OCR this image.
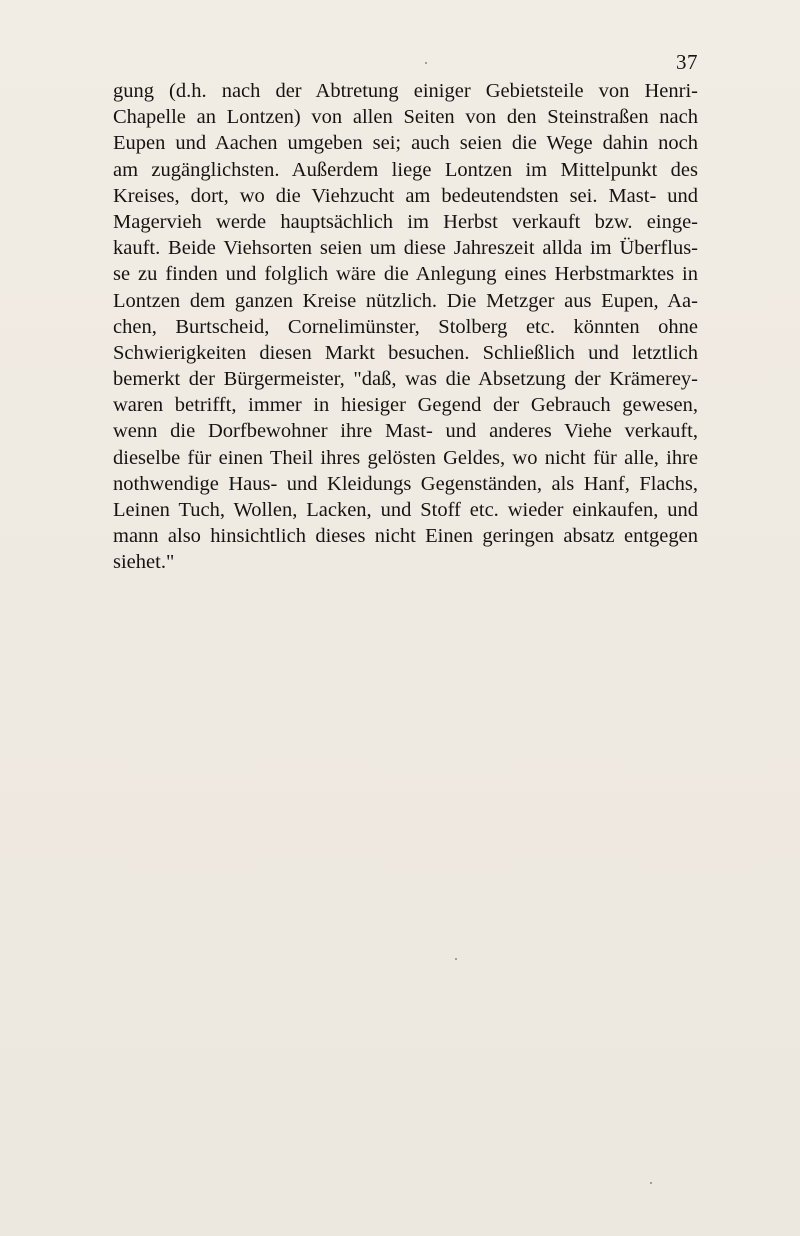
37
gung (d.h. nach der Abtretung einiger Gebietsteile von Henri-
Chapelle an Lontzen) von allen Seiten von den Steinstraßen nach
Eupen und Aachen umgeben sei; auch seien die Wege dahin noch
am zugänglichsten. Außerdem liege Lontzen im Mittelpunkt des
Kreises, dort, wo die Viehzucht am bedeutendsten sei. Mast- und
Magervieh werde hauptsächlich im Herbst verkauft bzw. einge-
kauft. Beide Viehsorten seien um diese Jahreszeit allda im Überflus-
se zu finden und folglich wäre die Anlegung eines Herbstmarktes in
Lontzen dem ganzen Kreise nützlich. Die Metzger aus Eupen, Aa-
chen, Burtscheid, Cornelimünster, Stolberg etc. könnten ohne
Schwierigkeiten diesen Markt besuchen. Schließlich und letztlich
bemerkt der Bürgermeister, "daß, was die Absetzung der Krämerey-
waren betrifft, immer in hiesiger Gegend der Gebrauch gewesen,
wenn die Dorfbewohner ihre Mast- und anderes Viehe verkauft,
dieselbe für einen Theil ihres gelösten Geldes, wo nicht für alle, ihre
nothwendige Haus- und Kleidungs Gegenständen, als Hanf, Flachs,
Leinen Tuch, Wollen, Lacken, und Stoff etc. wieder einkaufen, und
mann also hinsichtlich dieses nicht Einen geringen absatz entgegen
siehet."
